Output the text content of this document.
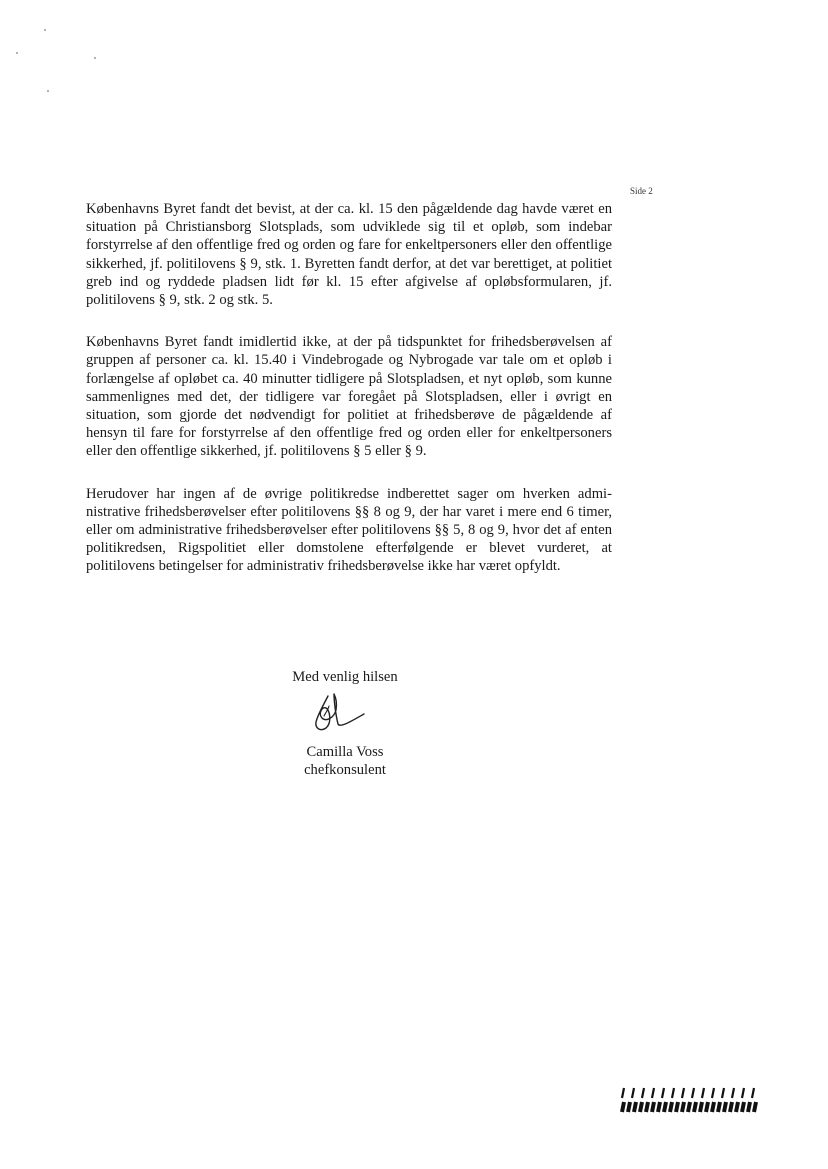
Side 2

Københavns Byret fandt det bevist, at der ca. kl. 15 den pågældende dag havde været en situation på Christiansborg Slotsplads, som udviklede sig til et opløb, som indebar forstyrrelse af den offentlige fred og orden og fare for enkeltpersoners eller den offentlige sikkerhed, jf. politilovens § 9, stk. 1. Byretten fandt derfor, at det var berettiget, at politiet greb ind og ryddede pladsen lidt før kl. 15 efter afgivelse af opløbsformularen, jf. politilovens § 9, stk. 2 og stk. 5.

Københavns Byret fandt imidlertid ikke, at der på tidspunktet for frihedsberøvelsen af gruppen af personer ca. kl. 15.40 i Vindebrogade og Nybrogade var tale om et opløb i forlængelse af opløbet ca. 40 minutter tidligere på Slotspladsen, et nyt opløb, som kunne sammenlignes med det, der tidligere var foregået på Slotspladsen, eller i øvrigt en situation, som gjorde det nødvendigt for politiet at frihedsberøve de pågældende af hensyn til fare for forstyrrelse af den offentlige fred og orden eller for enkeltpersoners eller den offentlige sikkerhed, jf. politilovens § 5 eller § 9.

Herudover har ingen af de øvrige politikredse indberettet sager om hverken administrative frihedsberøvelser efter politilovens §§ 8 og 9, der har varet i mere end 6 timer, eller om administrative frihedsberøvelser efter politilovens §§ 5, 8 og 9, hvor det af enten politikredsen, Rigspolitiet eller domstolene efterfølgende er blevet vurderet, at politilovens betingelser for administrativ frihedsberøvelse ikke har været opfyldt.

Med venlig hilsen
Camilla Voss
chefkonsulent
